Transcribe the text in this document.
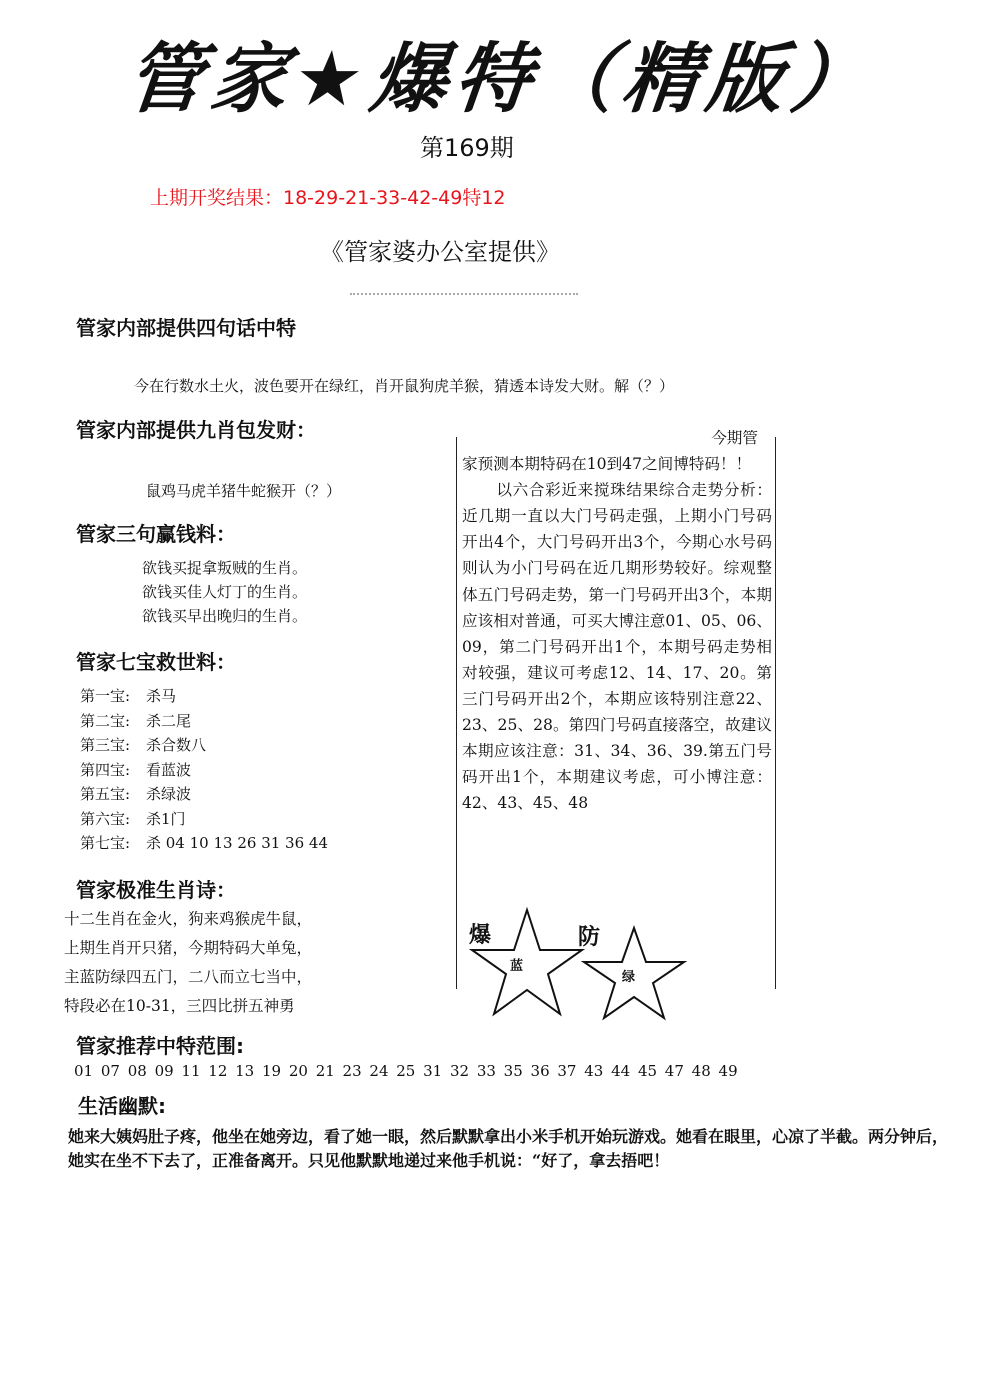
管家★爆特（精版）
第169期
上期开奖结果：18-29-21-33-42-49特12
《管家婆办公室提供》
管家内部提供四句话中特
今在行数水土火，波色要开在绿红，肖开鼠狗虎羊猴，猜透本诗发大财。解（？）
管家内部提供九肖包发财：
鼠鸡马虎羊猪牛蛇猴开（？）
管家三句赢钱料：
欲钱买捉拿叛贼的生肖。
欲钱买佳人灯丁的生肖。
欲钱买早出晚归的生肖。
管家七宝救世料：
第一宝:	杀马
第二宝:	杀二尾
第三宝:	杀合数八
第四宝:	看蓝波
第五宝:	杀绿波
第六宝:	杀1门
第七宝:	杀 04 10 13 26 31 36 44
管家极准生肖诗：
十二生肖在金火，狗来鸡猴虎牛鼠，
上期生肖开只猪，今期特码大单兔，
主蓝防绿四五门，二八而立七当中，
特段必在10-31，三四比拼五神勇

今期管

家预测本期特码在10到47之间博特码！！

以六合彩近来搅珠结果综合走势分析：近几期一直以大门号码走强，上期小门号码开出4个，大门号码开出3个，今期心水号码则认为小门号码在近几期形势较好。综观整体五门号码走势，第一门号码开出3个，本期应该相对普通，可买大博注意01、05、06、09，第二门号码开出1个，本期号码走势相对较强，建议可考虑12、14、17、20。第三门号码开出2个，本期应该特别注意22、23、25、28。第四门号码直接落空，故建议本期应该注意：31、34、36、39.第五门号码开出1个，本期建议考虑，可小博注意：42、43、45、48

爆
蓝
防
绿
管家推荐中特范围:
01 07 08 09 11 12 13 19 20 21 23 24 25 31 32 33 35 36 37 43 44 45 47 48 49
生活幽默:
她来大姨妈肚子疼，他坐在她旁边，看了她一眼，然后默默拿出小米手机开始玩游戏。她看在眼里，心凉了半截。两分钟后，她实在坐不下去了，正准备离开。只见他默默地递过来他手机说：“好了，拿去捂吧！
